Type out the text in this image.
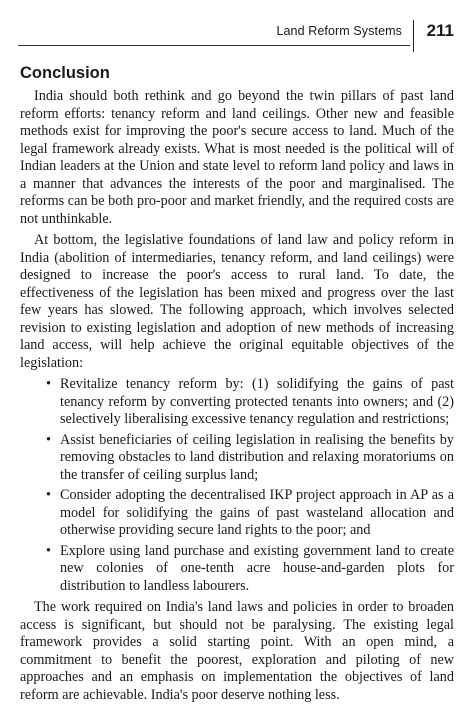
Land Reform Systems 211
Conclusion

India should both rethink and go beyond the twin pillars of past land reform efforts: tenancy reform and land ceilings. Other new and feasible methods exist for improving the poor's secure access to land. Much of the legal framework already exists. What is most needed is the political will of Indian leaders at the Union and state level to reform land policy and laws in a manner that advances the interests of the poor and marginalised. The reforms can be both pro-poor and market friendly, and the required costs are not unthinkable.

At bottom, the legislative foundations of land law and policy reform in India (abolition of intermediaries, tenancy reform, and land ceilings) were designed to increase the poor's access to rural land. To date, the effectiveness of the legislation has been mixed and progress over the last few years has slowed. The following approach, which involves selected revision to existing legislation and adoption of new methods of increasing land access, will help achieve the original equitable objectives of the legislation:

• Revitalize tenancy reform by: (1) solidifying the gains of past tenancy reform by converting protected tenants into owners; and (2) selectively liberalising excessive tenancy regulation and restrictions;
• Assist beneficiaries of ceiling legislation in realising the benefits by removing obstacles to land distribution and relaxing moratoriums on the transfer of ceiling surplus land;
• Consider adopting the decentralised IKP project approach in AP as a model for solidifying the gains of past wasteland allocation and otherwise providing secure land rights to the poor; and
• Explore using land purchase and existing government land to create new colonies of one-tenth acre house-and-garden plots for distribution to landless labourers.

The work required on India's land laws and policies in order to broaden access is significant, but should not be paralysing. The existing legal framework provides a solid starting point. With an open mind, a commitment to benefit the poorest, exploration and piloting of new approaches and an emphasis on implementation the objectives of land reform are achievable. India's poor deserve nothing less.
